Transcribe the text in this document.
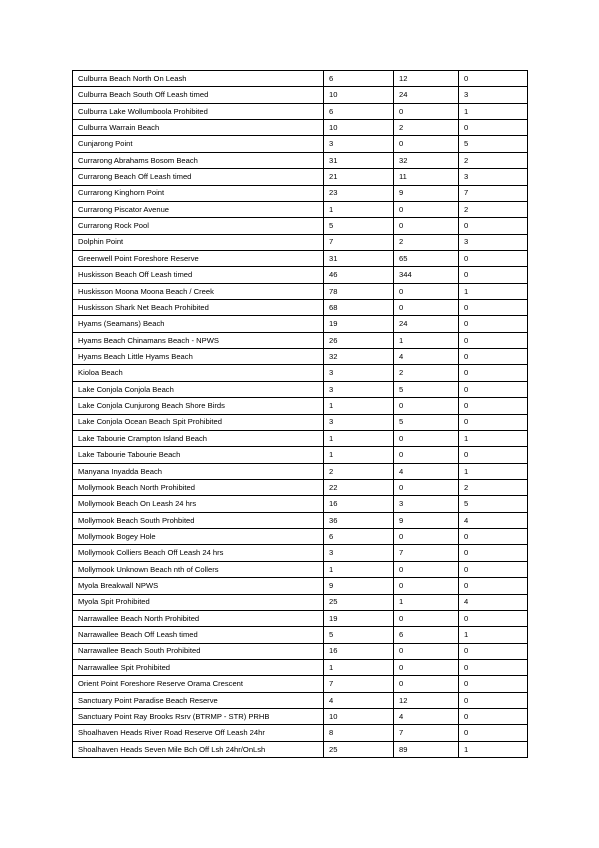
Culburra Beach North On Leash	6	12	0
Culburra Beach South Off Leash timed	10	24	3
Culburra Lake Wollumboola Prohibited	6	0	1
Culburra Warrain Beach	10	2	0
Cunjarong Point	3	0	5
Currarong Abrahams Bosom Beach	31	32	2
Currarong Beach Off Leash timed	21	11	3
Currarong Kinghorn Point	23	9	7
Currarong Piscator Avenue	1	0	2
Currarong Rock Pool	5	0	0
Dolphin Point	7	2	3
Greenwell Point Foreshore Reserve	31	65	0
Huskisson Beach Off Leash timed	46	344	0
Huskisson Moona Moona Beach / Creek	78	0	1
Huskisson Shark Net Beach Prohibited	68	0	0
Hyams (Seamans) Beach	19	24	0
Hyams Beach Chinamans Beach - NPWS	26	1	0
Hyams Beach Little Hyams Beach	32	4	0
Kioloa Beach	3	2	0
Lake Conjola Conjola Beach	3	5	0
Lake Conjola Cunjurong Beach Shore Birds	1	0	0
Lake Conjola Ocean Beach Spit Prohibited	3	5	0
Lake Tabourie Crampton Island Beach	1	0	1
Lake Tabourie Tabourie Beach	1	0	0
Manyana Inyadda Beach	2	4	1
Mollymook Beach North Prohibited	22	0	2
Mollymook Beach On Leash 24 hrs	16	3	5
Mollymook Beach South Prohbited	36	9	4
Mollymook Bogey Hole	6	0	0
Mollymook Colliers Beach Off Leash 24 hrs	3	7	0
Mollymook Unknown Beach nth of Collers	1	0	0
Myola Breakwall NPWS	9	0	0
Myola Spit Prohibited	25	1	4
Narrawallee Beach North Prohibited	19	0	0
Narrawallee Beach Off Leash timed	5	6	1
Narrawallee Beach South Prohibited	16	0	0
Narrawallee Spit Prohibited	1	0	0
Orient Point Foreshore Reserve Orama Crescent	7	0	0
Sanctuary Point Paradise Beach Reserve	4	12	0
Sanctuary Point Ray Brooks Rsrv (BTRMP - STR) PRHB	10	4	0
Shoalhaven Heads River Road Reserve Off Leash 24hr	8	7	0
Shoalhaven Heads Seven Mile Bch Off Lsh 24hr/OnLsh	25	89	1
